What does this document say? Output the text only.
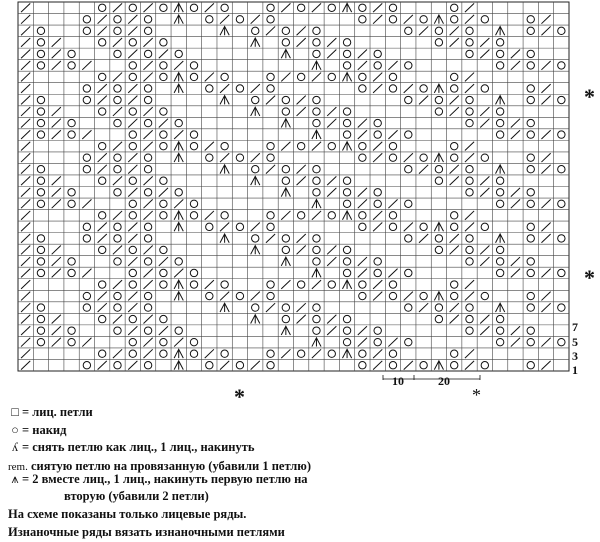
*
*
*	*
7
5
3
1
10	20
□ = лиц. петли
○ = накид
ʎ = снять петлю как лиц., 1 лиц., накинуть
rem. сиятую петлю на провязанную (убавили 1 петлю)
⩚ = 2 вместе лиц., 1 лиц., накинуть первую петлю на
вторую (убавили 2 петли)
На схеме показаны только лицевые ряды.
Изнаночные ряды вязать изнаночными петлями
